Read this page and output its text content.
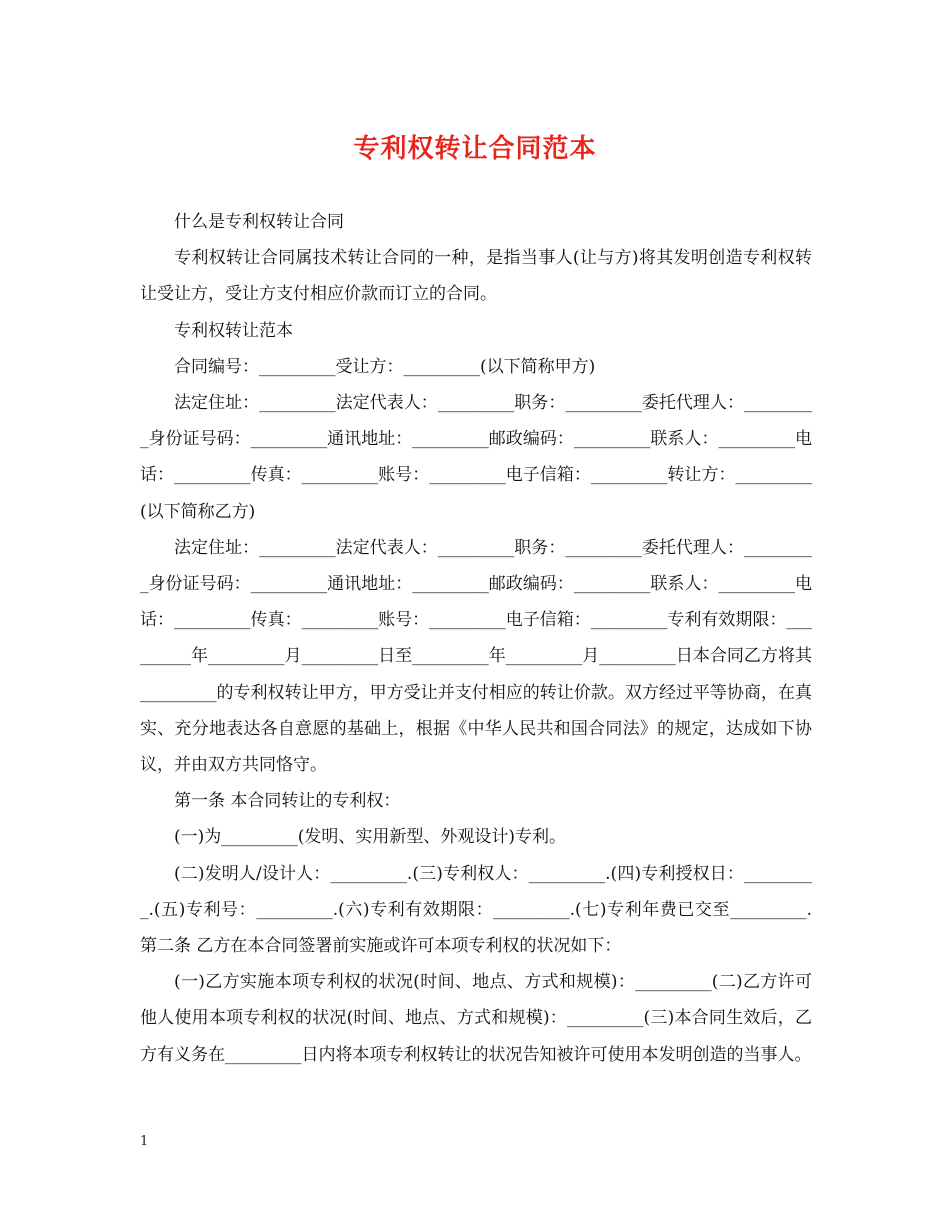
专利权转让合同范本

什么是专利权转让合同

专利权转让合同属技术转让合同的一种，是指当事人(让与方)将其发明创造专利权转让受让方，受让方支付相应价款而订立的合同。

专利权转让范本

合同编号：_________受让方：_________(以下简称甲方)

法定住址：_________法定代表人：_________职务：_________委托代理人：_________身份证号码：_________通讯地址：_________邮政编码：_________联系人：_________电话：_________传真：_________账号：_________电子信箱：_________转让方：_________(以下简称乙方)

法定住址：_________法定代表人：_________职务：_________委托代理人：_________身份证号码：_________通讯地址：_________邮政编码：_________联系人：_________电话：_________传真：_________账号：_________电子信箱：_________专利有效期限：_________年_________月_________日至_________年_________月_________日本合同乙方将其_________的专利权转让甲方，甲方受让并支付相应的转让价款。双方经过平等协商，在真实、充分地表达各自意愿的基础上，根据《中华人民共和国合同法》的规定，达成如下协议，并由双方共同恪守。

第一条 本合同转让的专利权：

(一)为_________(发明、实用新型、外观设计)专利。

(二)发明人/设计人：_________.(三)专利权人：_________.(四)专利授权日：_________.(五)专利号：_________.(六)专利有效期限：_________.(七)专利年费已交至_________.第二条 乙方在本合同签署前实施或许可本项专利权的状况如下：

(一)乙方实施本项专利权的状况(时间、地点、方式和规模)：_________(二)乙方许可他人使用本项专利权的状况(时间、地点、方式和规模)：_________(三)本合同生效后，乙方有义务在_________日内将本项专利权转让的状况告知被许可使用本发明创造的当事人。

1
